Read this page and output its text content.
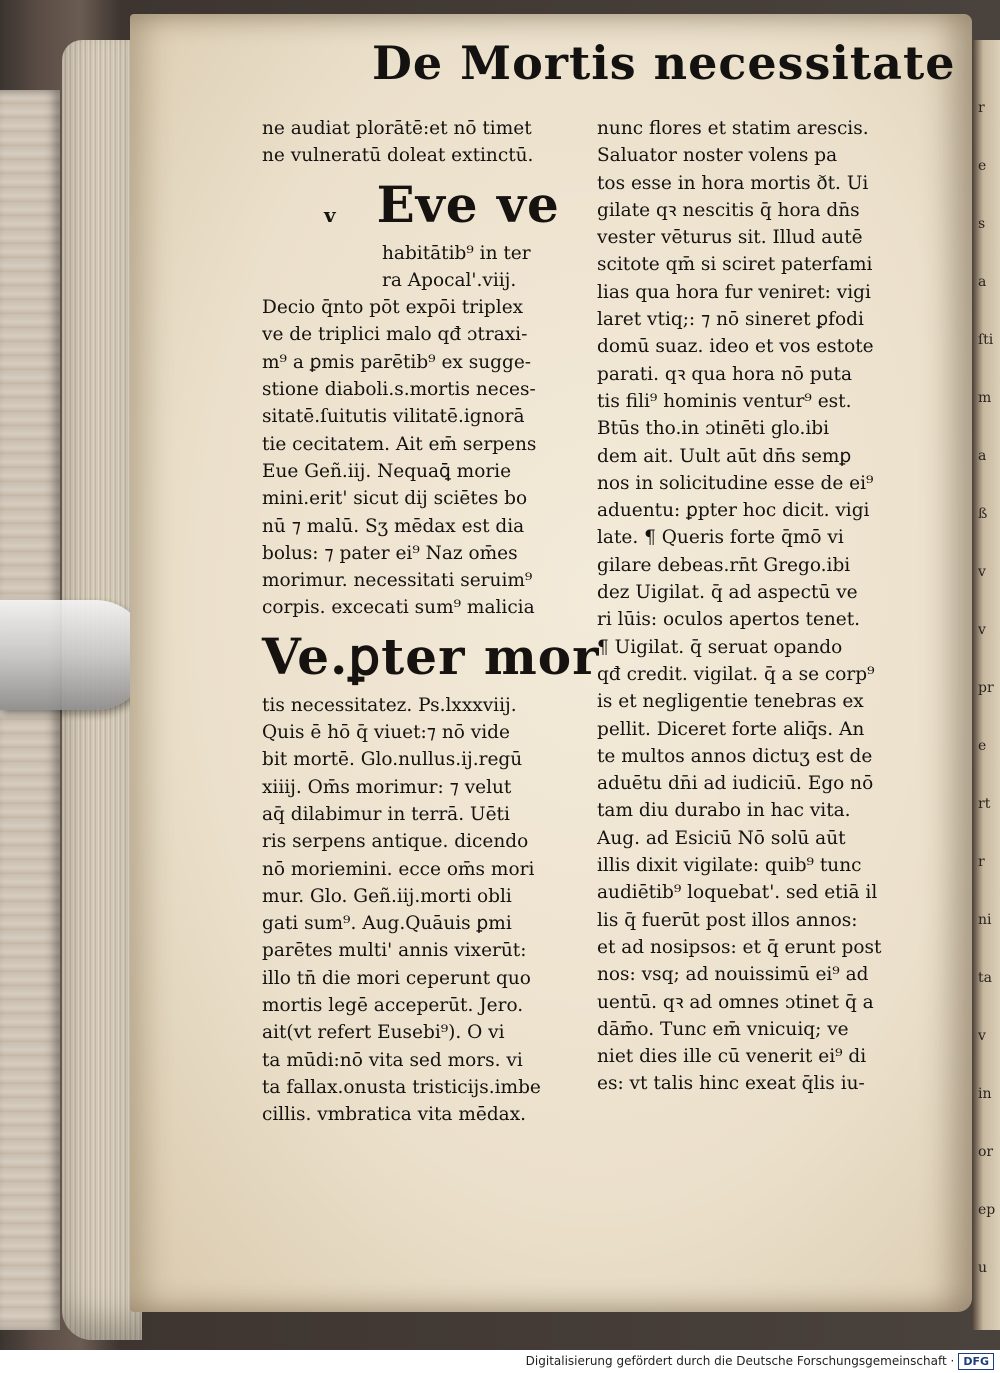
r
e
s
a
ſti
m
a
ß
v
v
pr
e
rt
r
ni
ta
v
in
or
ep
u
De Mortis necessitate
ne audiat plorātē:et nō timet
ne vulneratū doleat extinctū.
v Eve ve
habitātib⁹ in ter
ra Apocal'.viij.
Decio q̄nto pōt expōi triplex
ve de triplici malo qđ ɔtraxi-
m⁹ a ꝑmis parētib⁹ ex sugge-
stione diaboli.s.mortis neces-
sitatē.ſuitutis vilitatē.ignorā
tie cecitatem. Ait em̄ serpens
Eue Geñ.iij. Nequaꝗ̄ morie
mini.erit' sicut dij sciētes bo
nū ⁊ malū. Sʒ mēdax est dia
bolus: ⁊ pater ei⁹ Naz om̄es
morimur. necessitati seruim⁹
corpis. excecati sum⁹ malicia
Ve.ꝑter mor
tis necessitatez. Ps.lxxxviij.
Quis ē hō q̄ viuet:⁊ nō vide
bit mortē. Glo.nullus.ij.regū
xiiij. Om̄s morimur: ⁊ velut
aq̄ dilabimur in terrā. Uēti
ris serpens antique. dicendo
nō moriemini. ecce om̄s mori
mur. Glo. Geñ.iij.morti obli
gati sum⁹. Aug.Quāuis ꝑmi
parētes multi' annis vixerūt:
illo tn̄ die mori ceperunt quo
mortis legē acceperūt. Jero.
ait(vt refert Eusebi⁹). O vi
ta mūdi:nō vita sed mors. vi
ta fallax.onusta tristicijs.imbe
cillis. vmbratica vita mēdax.
nunc flores et statim arescis.
Saluator noster volens pa
tos esse in hora mortis ðt. Ui
gilate qꝛ nescitis q̄ hora dn̄s
vester vēturus sit. Illud autē
scitote qm̄ si sciret paterfami
lias qua hora fur veniret: vigi
laret vtiq;: ⁊ nō sineret ꝑfodi
domū suaz. ideo et vos estote
parati. qꝛ qua hora nō puta
tis fili⁹ hominis ventur⁹ est.
Btūs tho.in ɔtinēti glo.ibi
dem ait. Uult aūt dn̄s semꝑ
nos in solicitudine esse de ei⁹
aduentu: ꝑpter hoc dicit. vigi
late. ¶ Queris forte q̄mō vi
gilare debeas.rn̄t Grego.ibi
dez Uigilat. q̄ ad aspectū ve
ri lūis: oculos apertos tenet.
¶ Uigilat. q̄ seruat opando
qđ credit. vigilat. q̄ a se corp⁹
is et negligentie tenebras ex
pellit. Diceret forte aliq̄s. An
te multos annos dictuʒ est de
aduētu dn̄i ad iudiciū. Ego nō
tam diu durabo in hac vita.
Aug. ad Esiciū Nō solū aūt
illis dixit vigilate: quib⁹ tunc
audiētib⁹ loquebat'. sed etiā il
lis q̄ fuerūt post illos annos:
et ad nosipsos: et q̄ erunt post
nos: vsq; ad nouissimū ei⁹ ad
uentū. qꝛ ad omnes ɔtinet q̄ a
dām̄o. Tunc em̄ vnicuiq; ve
niet dies ille cū venerit ei⁹ di
es: vt talis hinc exeat q̄lis iu-
Digitalisierung gefördert durch die Deutsche Forschungsgemeinschaft · DFG
